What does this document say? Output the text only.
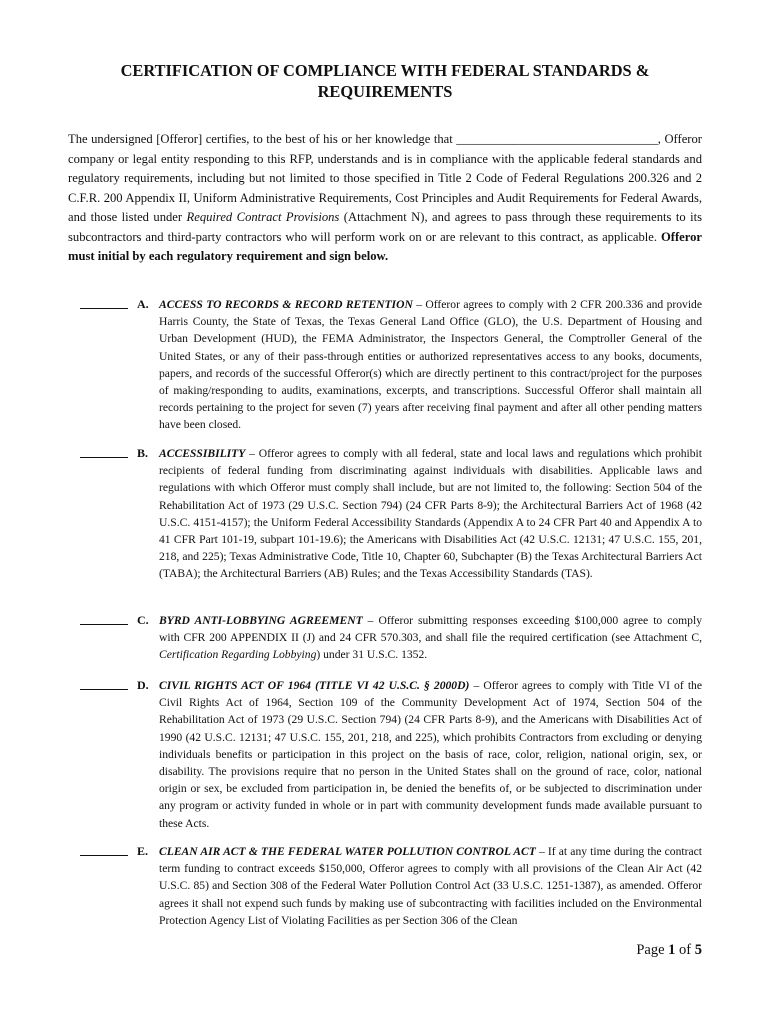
CERTIFICATION OF COMPLIANCE WITH FEDERAL STANDARDS &
REQUIREMENTS
The undersigned [Offeror] certifies, to the best of his or her knowledge that ________________________________, Offeror company or legal entity responding to this RFP, understands and is in compliance with the applicable federal standards and regulatory requirements, including but not limited to those specified in Title 2 Code of Federal Regulations 200.326 and 2 C.F.R. 200 Appendix II, Uniform Administrative Requirements, Cost Principles and Audit Requirements for Federal Awards, and those listed under Required Contract Provisions (Attachment N), and agrees to pass through these requirements to its subcontractors and third-party contractors who will perform work on or are relevant to this contract, as applicable. Offeror must initial by each regulatory requirement and sign below.
A. ACCESS TO RECORDS & RECORD RETENTION – Offeror agrees to comply with 2 CFR 200.336 and provide Harris County, the State of Texas, the Texas General Land Office (GLO), the U.S. Department of Housing and Urban Development (HUD), the FEMA Administrator, the Inspectors General, the Comptroller General of the United States, or any of their pass-through entities or authorized representatives access to any books, documents, papers, and records of the successful Offeror(s) which are directly pertinent to this contract/project for the purposes of making/responding to audits, examinations, excerpts, and transcriptions. Successful Offeror shall maintain all records pertaining to the project for seven (7) years after receiving final payment and after all other pending matters have been closed.
B. ACCESSIBILITY – Offeror agrees to comply with all federal, state and local laws and regulations which prohibit recipients of federal funding from discriminating against individuals with disabilities. Applicable laws and regulations with which Offeror must comply shall include, but are not limited to, the following: Section 504 of the Rehabilitation Act of 1973 (29 U.S.C. Section 794) (24 CFR Parts 8-9); the Architectural Barriers Act of 1968 (42 U.S.C. 4151-4157); the Uniform Federal Accessibility Standards (Appendix A to 24 CFR Part 40 and Appendix A to 41 CFR Part 101-19, subpart 101-19.6); the Americans with Disabilities Act (42 U.S.C. 12131; 47 U.S.C. 155, 201, 218, and 225); Texas Administrative Code, Title 10, Chapter 60, Subchapter (B) the Texas Architectural Barriers Act (TABA); the Architectural Barriers (AB) Rules; and the Texas Accessibility Standards (TAS).
C. BYRD ANTI-LOBBYING AGREEMENT – Offeror submitting responses exceeding $100,000 agree to comply with CFR 200 APPENDIX II (J) and 24 CFR 570.303, and shall file the required certification (see Attachment C, Certification Regarding Lobbying) under 31 U.S.C. 1352.
D. CIVIL RIGHTS ACT OF 1964 (TITLE VI 42 U.S.C. § 2000D) – Offeror agrees to comply with Title VI of the Civil Rights Act of 1964, Section 109 of the Community Development Act of 1974, Section 504 of the Rehabilitation Act of 1973 (29 U.S.C. Section 794) (24 CFR Parts 8-9), and the Americans with Disabilities Act of 1990 (42 U.S.C. 12131; 47 U.S.C. 155, 201, 218, and 225), which prohibits Contractors from excluding or denying individuals benefits or participation in this project on the basis of race, color, religion, national origin, sex, or disability. The provisions require that no person in the United States shall on the ground of race, color, national origin or sex, be excluded from participation in, be denied the benefits of, or be subjected to discrimination under any program or activity funded in whole or in part with community development funds made available pursuant to these Acts.
E. CLEAN AIR ACT & THE FEDERAL WATER POLLUTION CONTROL ACT – If at any time during the contract term funding to contract exceeds $150,000, Offeror agrees to comply with all provisions of the Clean Air Act (42 U.S.C. 85) and Section 308 of the Federal Water Pollution Control Act (33 U.S.C. 1251-1387), as amended. Offeror agrees it shall not expend such funds by making use of subcontracting with facilities included on the Environmental Protection Agency List of Violating Facilities as per Section 306 of the Clean
Page 1 of 5
